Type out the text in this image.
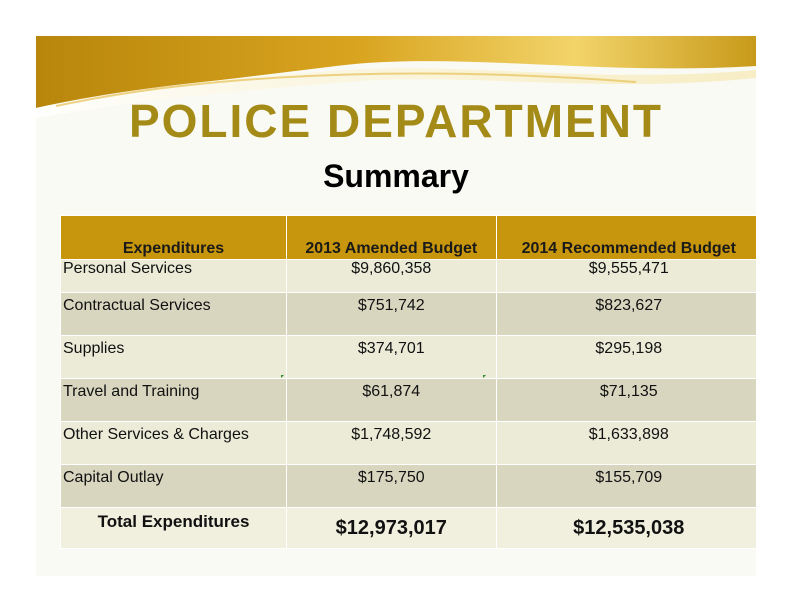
POLICE DEPARTMENT
Summary
Expenditures	2013 Amended Budget	2014 Recommended Budget
Personal Services	$9,860,358	$9,555,471
Contractual Services	$751,742	$823,627
Supplies	$374,701	$295,198
Travel and Training	$61,874	$71,135
Other Services & Charges	$1,748,592	$1,633,898
Capital Outlay	$175,750	$155,709
Total Expenditures	$12,973,017	$12,535,038
